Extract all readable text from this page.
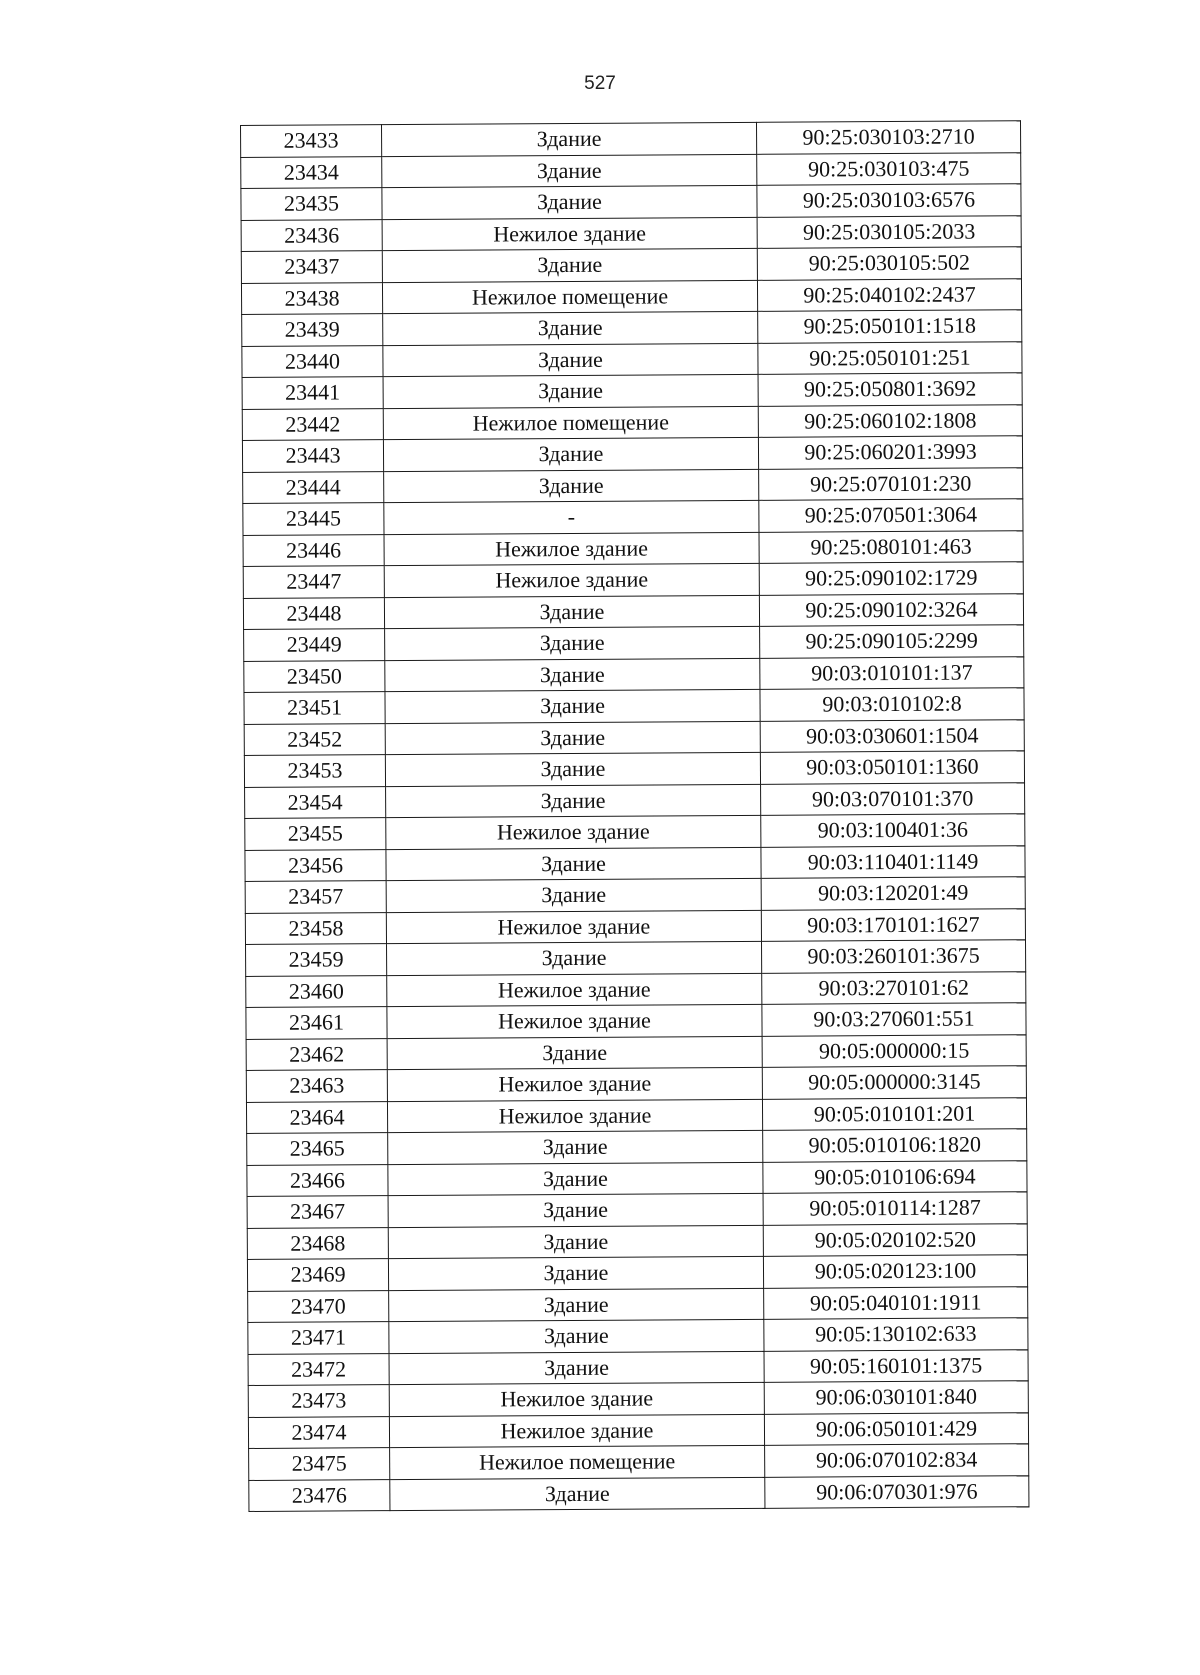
527
23433	Здание	90:25:030103:2710
23434	Здание	90:25:030103:475
23435	Здание	90:25:030103:6576
23436	Нежилое здание	90:25:030105:2033
23437	Здание	90:25:030105:502
23438	Нежилое помещение	90:25:040102:2437
23439	Здание	90:25:050101:1518
23440	Здание	90:25:050101:251
23441	Здание	90:25:050801:3692
23442	Нежилое помещение	90:25:060102:1808
23443	Здание	90:25:060201:3993
23444	Здание	90:25:070101:230
23445	-	90:25:070501:3064
23446	Нежилое здание	90:25:080101:463
23447	Нежилое здание	90:25:090102:1729
23448	Здание	90:25:090102:3264
23449	Здание	90:25:090105:2299
23450	Здание	90:03:010101:137
23451	Здание	90:03:010102:8
23452	Здание	90:03:030601:1504
23453	Здание	90:03:050101:1360
23454	Здание	90:03:070101:370
23455	Нежилое здание	90:03:100401:36
23456	Здание	90:03:110401:1149
23457	Здание	90:03:120201:49
23458	Нежилое здание	90:03:170101:1627
23459	Здание	90:03:260101:3675
23460	Нежилое здание	90:03:270101:62
23461	Нежилое здание	90:03:270601:551
23462	Здание	90:05:000000:15
23463	Нежилое здание	90:05:000000:3145
23464	Нежилое здание	90:05:010101:201
23465	Здание	90:05:010106:1820
23466	Здание	90:05:010106:694
23467	Здание	90:05:010114:1287
23468	Здание	90:05:020102:520
23469	Здание	90:05:020123:100
23470	Здание	90:05:040101:1911
23471	Здание	90:05:130102:633
23472	Здание	90:05:160101:1375
23473	Нежилое здание	90:06:030101:840
23474	Нежилое здание	90:06:050101:429
23475	Нежилое помещение	90:06:070102:834
23476	Здание	90:06:070301:976
